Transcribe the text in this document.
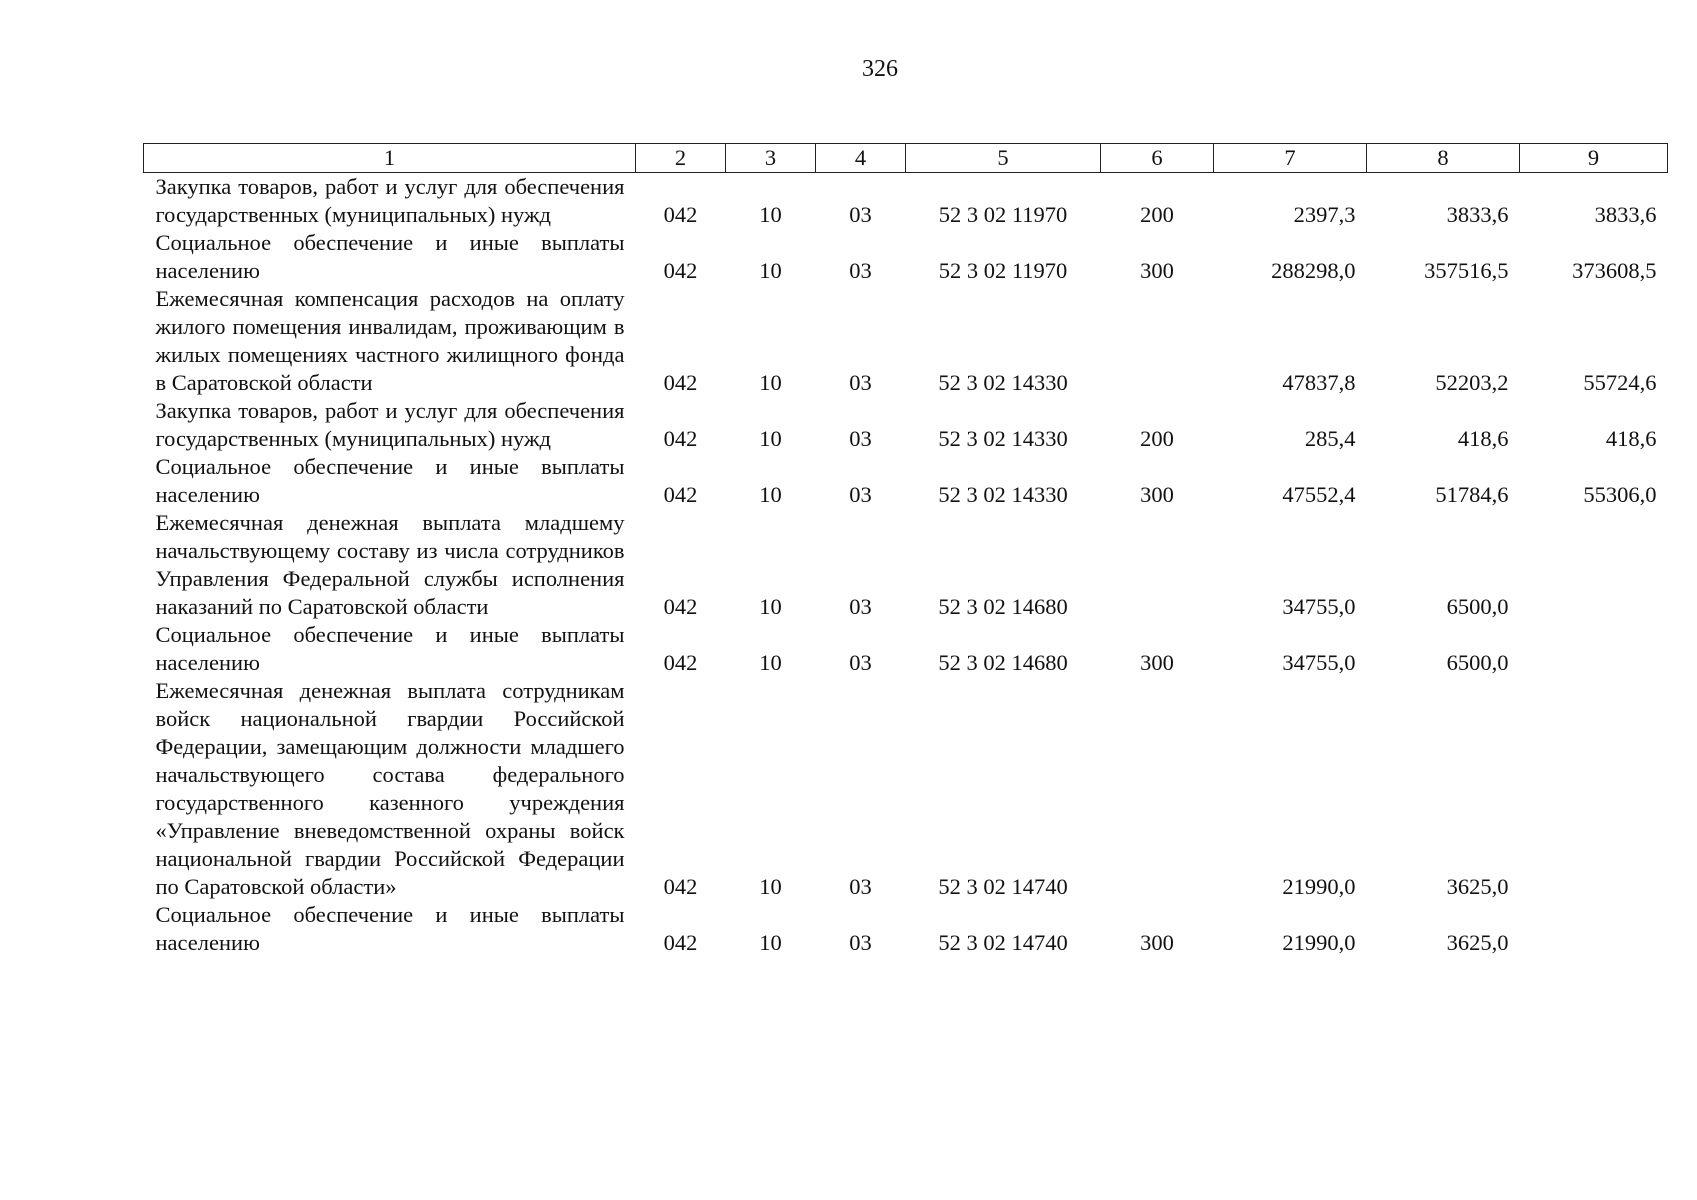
326
1	2	3	4	5	6	7	8	9
Закупка товаров, работ и услуг для обеспечения государственных (муниципальных) нужд	042	10	03	52 3 02 11970	200	2397,3	3833,6	3833,6
Социальное обеспечение и иные выплаты населению	042	10	03	52 3 02 11970	300	288298,0	357516,5	373608,5
Ежемесячная компенсация расходов на оплату жилого помещения инвалидам, проживающим в жилых помещениях частного жилищного фонда в Саратовской области	042	10	03	52 3 02 14330		47837,8	52203,2	55724,6
Закупка товаров, работ и услуг для обеспечения государственных (муниципальных) нужд	042	10	03	52 3 02 14330	200	285,4	418,6	418,6
Социальное обеспечение и иные выплаты населению	042	10	03	52 3 02 14330	300	47552,4	51784,6	55306,0
Ежемесячная денежная выплата младшему начальствующему составу из числа сотрудников Управления Федеральной службы исполнения наказаний по Саратовской области	042	10	03	52 3 02 14680		34755,0	6500,0	
Социальное обеспечение и иные выплаты населению	042	10	03	52 3 02 14680	300	34755,0	6500,0	
Ежемесячная денежная выплата сотрудникам войск национальной гвардии Российской Федерации, замещающим должности младшего начальствующего состава федерального государственного казенного учреждения «Управление вневедомственной охраны войск национальной гвардии Российской Федерации по Саратовской области»	042	10	03	52 3 02 14740		21990,0	3625,0	
Социальное обеспечение и иные выплаты населению	042	10	03	52 3 02 14740	300	21990,0	3625,0	
